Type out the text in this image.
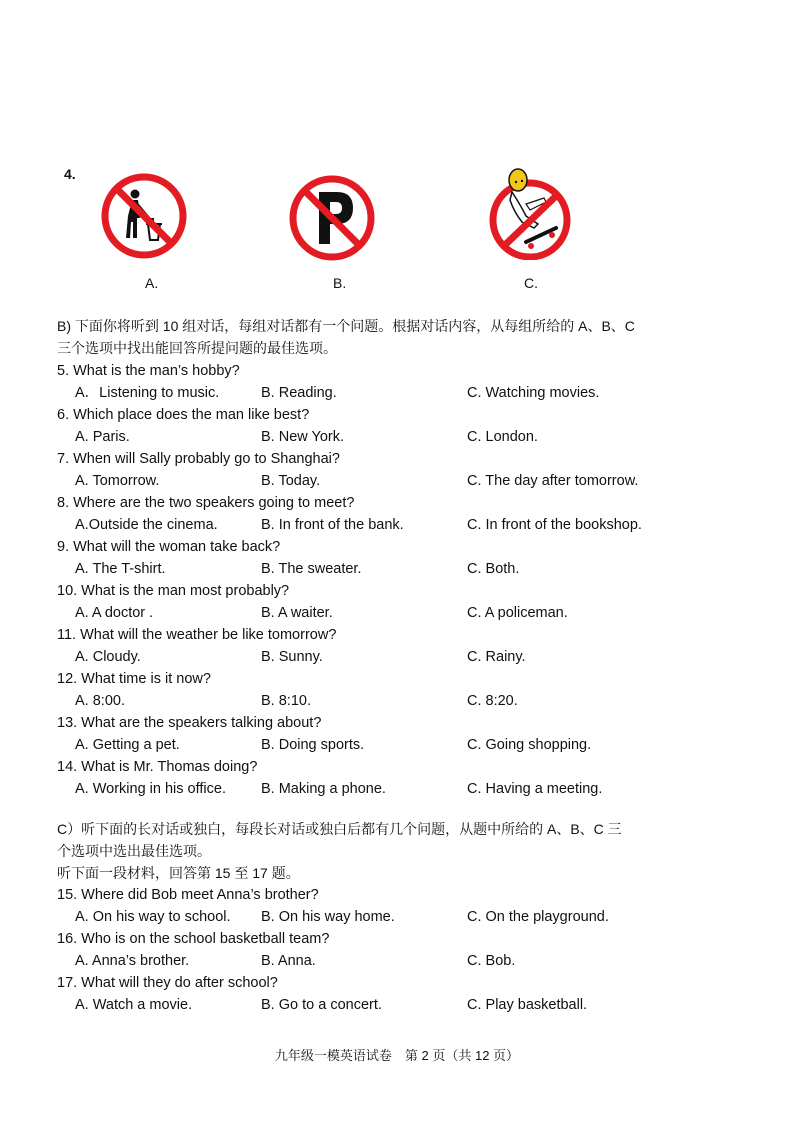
4.
A.	B.	C.
B) 下面你将听到 10 组对话，每组对话都有一个问题。根据对话内容，从每组所给的 A、B、C
三个选项中找出能回答所提问题的最佳选项。
5. What is the man’s hobby?
A．Listening to music.	B. Reading.	C. Watching movies.
6. Which place does the man like best?
A. Paris.	B. New York.	C. London.
7. When will Sally probably go to Shanghai?
A. Tomorrow.	B. Today.	C. The day after tomorrow.
8. Where are the two speakers going to meet?
A.Outside the cinema.	B. In front of the bank.	C. In front of the bookshop.
9. What will the woman take back?
A. The T-shirt.	B. The sweater.	C. Both.
10. What is the man most probably?
A. A doctor .	B. A waiter.	C. A policeman.
11. What will the weather be like tomorrow?
A. Cloudy.	B. Sunny.	C. Rainy.
12. What time is it now?
A. 8:00.	B. 8:10.	C. 8:20.
13. What are the speakers talking about?
A. Getting a pet.	B. Doing sports.	C. Going shopping.
14. What is Mr. Thomas doing?
A. Working in his office. B. Making a phone.	C. Having a meeting.
C）听下面的长对话或独白，每段长对话或独白后都有几个问题，从题中所给的 A、B、C 三
个选项中选出最佳选项。
听下面一段材料，回答第 15 至 17 题。
15. Where did Bob meet Anna’s brother?
A. On his way to school. B. On his way home.	C. On the playground.
16. Who is on the school basketball team?
A. Anna’s brother.	B. Anna.	C. Bob.
17. What will they do after school?
A. Watch a movie.	B. Go to a concert.	C. Play basketball.
九年级一模英语试卷　第 2 页（共 12 页）
